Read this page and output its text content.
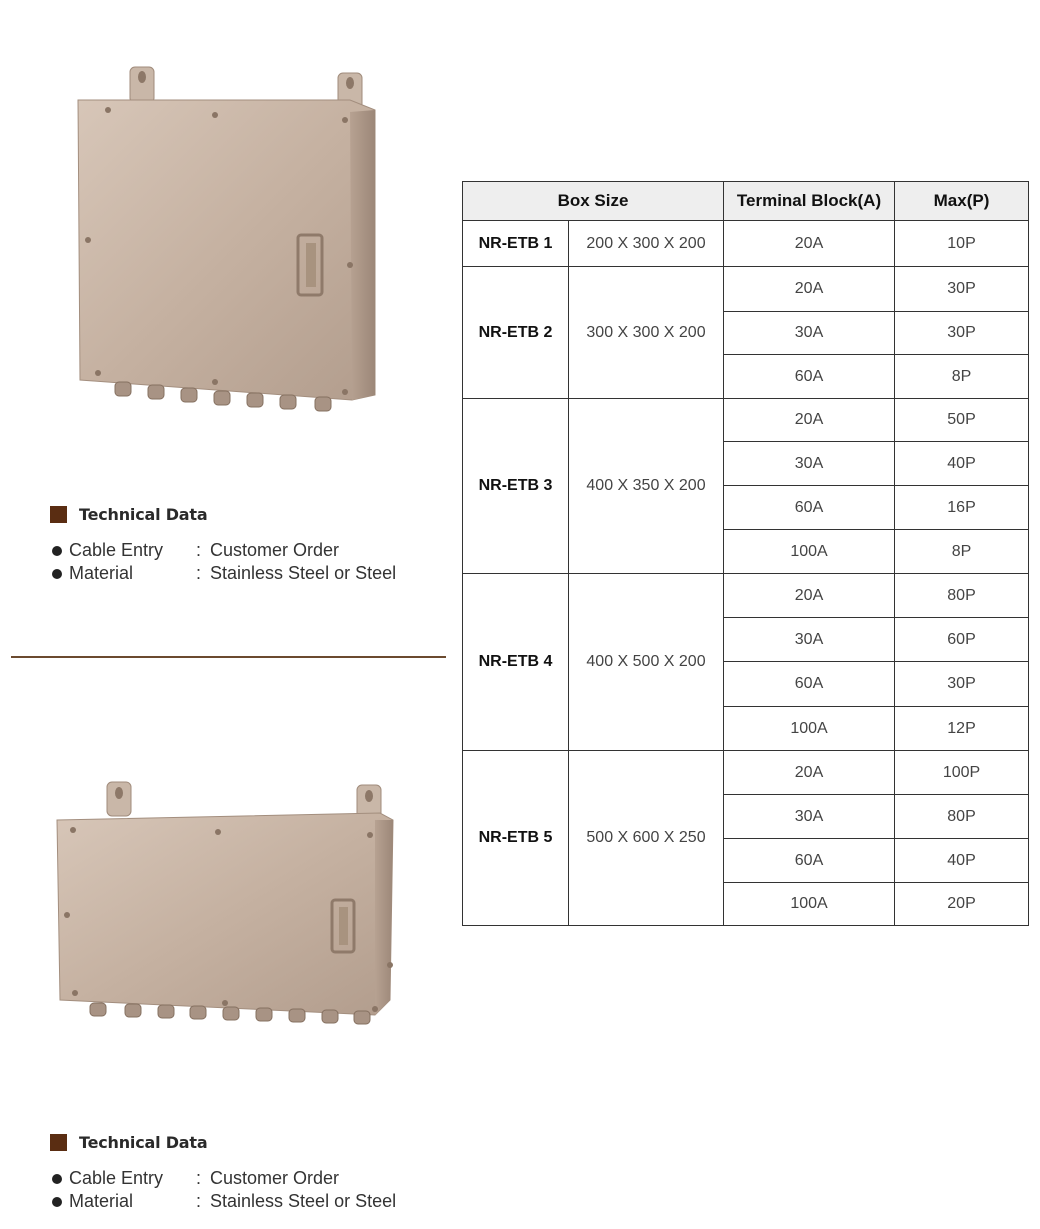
Technical Data
Cable Entry	: Customer Order
Material	: Stainless Steel or Steel
Technical Data
Cable Entry	: Customer Order
Material	: Stainless Steel or Steel
Box Size		Terminal Block(A)	Max(P)
NR-ETB 1	200 X 300 X 200	20A	10P
NR-ETB 2	300 X 300 X 200	20A	30P
		30A	30P
		60A	8P
NR-ETB 3	400 X 350 X 200	20A	50P
		30A	40P
		60A	16P
		100A	8P
NR-ETB 4	400 X 500 X 200	20A	80P
		30A	60P
		60A	30P
		100A	12P
NR-ETB 5	500 X 600 X 250	20A	100P
		30A	80P
		60A	40P
		100A	20P
